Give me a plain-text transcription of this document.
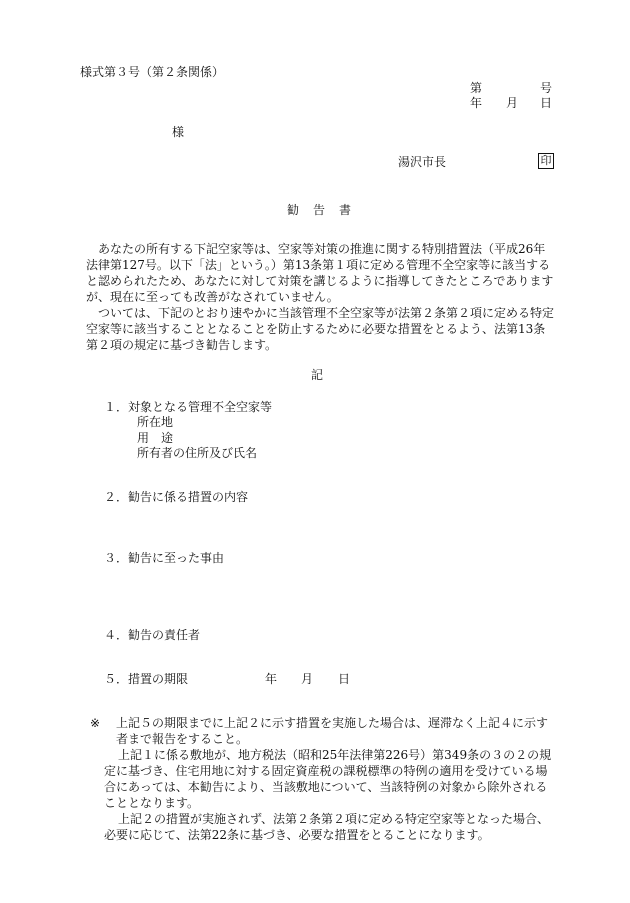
様式第３号（第２条関係）
第	号
年 月 日
様
湯沢市長	印
勧　告　書

あなたの所有する下記空家等は、空家等対策の推進に関する特別措置法（平成26年法律第127号。以下「法」という。）第13条第１項に定める管理不全空家等に該当すると認められたため、あなたに対して対策を講じるように指導してきたところでありますが、現在に至っても改善がなされていません。

ついては、下記のとおり速やかに当該管理不全空家等が法第２条第２項に定める特定空家等に該当することとなることを防止するために必要な措置をとるよう、法第13条第２項の規定に基づき勧告します。

記
１．対象となる管理不全空家等
所在地
用　途
所有者の住所及び氏名
２．勧告に係る措置の内容
３．勧告に至った事由
４．勧告の責任者
５．措置の期限	年 月 日
※	上記５の期限までに上記２に示す措置を実施した場合は、遅滞なく上記４に示す者まで報告をすること。

上記１に係る敷地が、地方税法（昭和25年法律第226号）第349条の３の２の規定に基づき、住宅用地に対する固定資産税の課税標準の特例の適用を受けている場合にあっては、本勧告により、当該敷地について、当該特例の対象から除外されることとなります。

上記２の措置が実施されず、法第２条第２項に定める特定空家等となった場合、必要に応じて、法第22条に基づき、必要な措置をとることになります。
